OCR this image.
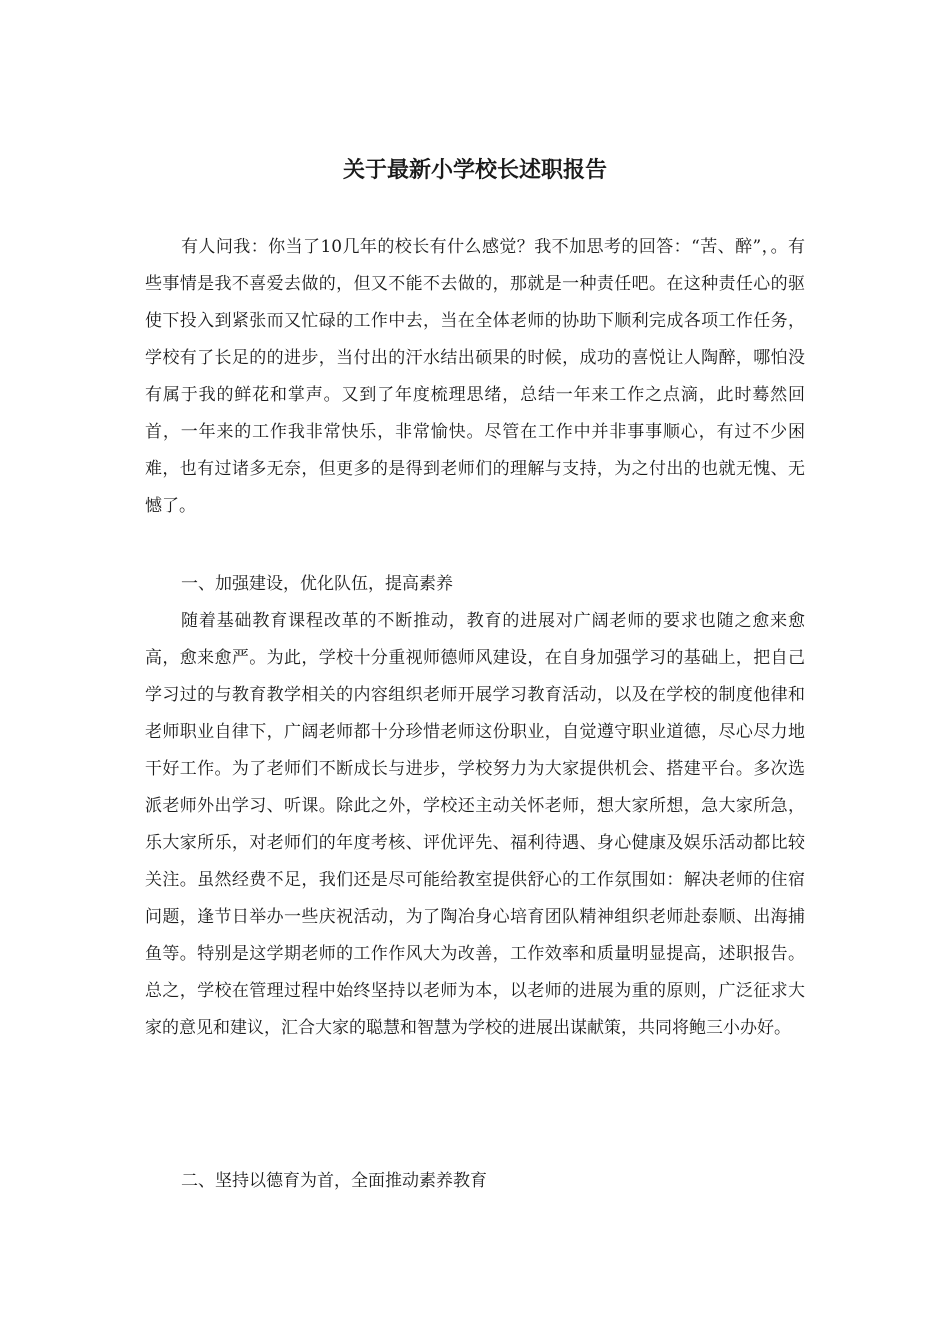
关于最新小学校长述职报告

有人问我：你当了10几年的校长有什么感觉？我不加思考的回答：“苦、醉”，。有些事情是我不喜爱去做的，但又不能不去做的，那就是一种责任吧。在这种责任心的驱使下投入到紧张而又忙碌的工作中去，当在全体老师的协助下顺利完成各项工作任务，学校有了长足的的进步，当付出的汗水结出硕果的时候，成功的喜悦让人陶醉，哪怕没有属于我的鲜花和掌声。又到了年度梳理思绪，总结一年来工作之点滴，此时蓦然回首，一年来的工作我非常快乐，非常愉快。尽管在工作中并非事事顺心，有过不少困难，也有过诸多无奈，但更多的是得到老师们的理解与支持，为之付出的也就无愧、无憾了。

一、加强建设，优化队伍，提高素养

随着基础教育课程改革的不断推动，教育的进展对广阔老师的要求也随之愈来愈高，愈来愈严。为此，学校十分重视师德师风建设，在自身加强学习的基础上，把自己学习过的与教育教学相关的内容组织老师开展学习教育活动，以及在学校的制度他律和老师职业自律下，广阔老师都十分珍惜老师这份职业，自觉遵守职业道德，尽心尽力地干好工作。为了老师们不断成长与进步，学校努力为大家提供机会、搭建平台。多次选派老师外出学习、听课。除此之外，学校还主动关怀老师，想大家所想，急大家所急，乐大家所乐，对老师们的年度考核、评优评先、福利待遇、身心健康及娱乐活动都比较关注。虽然经费不足，我们还是尽可能给教室提供舒心的工作氛围如：解决老师的住宿问题，逢节日举办一些庆祝活动，为了陶冶身心培育团队精神组织老师赴泰顺、出海捕鱼等。特别是这学期老师的工作作风大为改善，工作效率和质量明显提高，述职报告。总之，学校在管理过程中始终坚持以老师为本，以老师的进展为重的原则，广泛征求大家的意见和建议，汇合大家的聪慧和智慧为学校的进展出谋献策，共同将鲍三小办好。

二、坚持以德育为首，全面推动素养教育
